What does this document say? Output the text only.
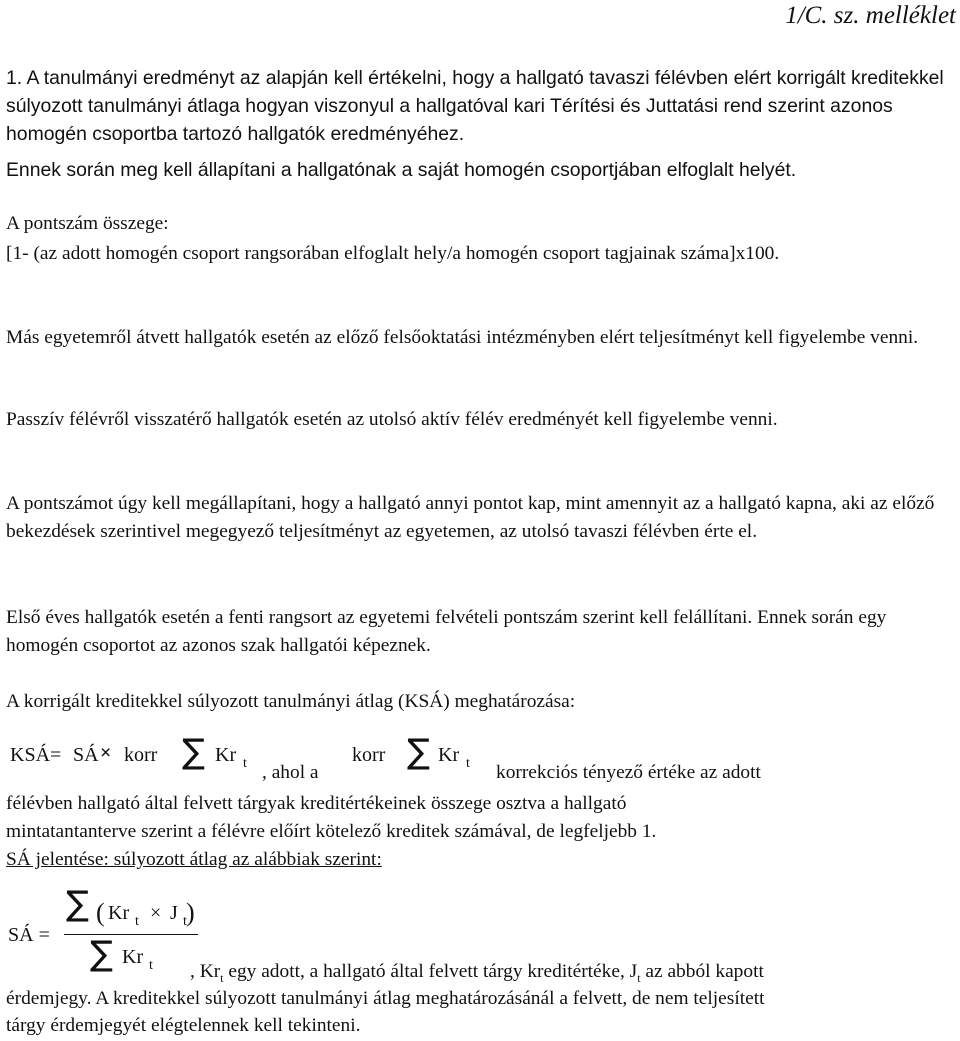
1/C. sz. melléklet

1. A tanulmányi eredményt az alapján kell értékelni, hogy a hallgató tavaszi félévben elért korrigált kreditekkel súlyozott tanulmányi átlaga hogyan viszonyul a hallgatóval kari Térítési és Juttatási rend szerint azonos homogén csoportba tartozó hallgatók eredményéhez.

Ennek során meg kell állapítani a hallgatónak a saját homogén csoportjában elfoglalt helyét.

A pontszám összege:

[1- (az adott homogén csoport rangsorában elfoglalt hely/a homogén csoport tagjainak száma]x100.

Más egyetemről átvett hallgatók esetén az előző felsőoktatási intézményben elért teljesítményt kell figyelembe venni.

Passzív félévről visszatérő hallgatók esetén az utolsó aktív félév eredményét kell figyelembe venni.

A pontszámot úgy kell megállapítani, hogy a hallgató annyi pontot kap, mint amennyit az a hallgató kapna, aki az előző bekezdések szerintivel megegyező teljesítményt az egyetemen, az utolsó tavaszi félévben érte el.

Első éves hallgatók esetén a fenti rangsort az egyetemi felvételi pontszám szerint kell felállítani. Ennek során egy homogén csoportot az azonos szak hallgatói képeznek.

A korrigált kreditekkel súlyozott tanulmányi átlag (KSÁ) meghatározása:

KSÁ= SÁ × korr ∑ Kr t , ahol a
korr ∑ Kr t korrekciós tényező értéke az adott
félévben hallgató által felvett tárgyak kreditértékeinek összege osztva a hallgató
mintatantanterve szerint a félévre előírt kötelező kreditek számával, de legfeljebb 1.
SÁ jelentése: súlyozott átlag az alábbiak szerint:
SÁ =
∑ ( Kr t × J t )
∑ Kr t , $Kr_t$ egy adott, a hallgató által felvett tárgy kreditértéke, $J_t$ az abból kapott
érdemjegy. A kreditekkel súlyozott tanulmányi átlag meghatározásánál a felvett, de nem teljesített
tárgy érdemjegyét elégtelennek kell tekinteni.
